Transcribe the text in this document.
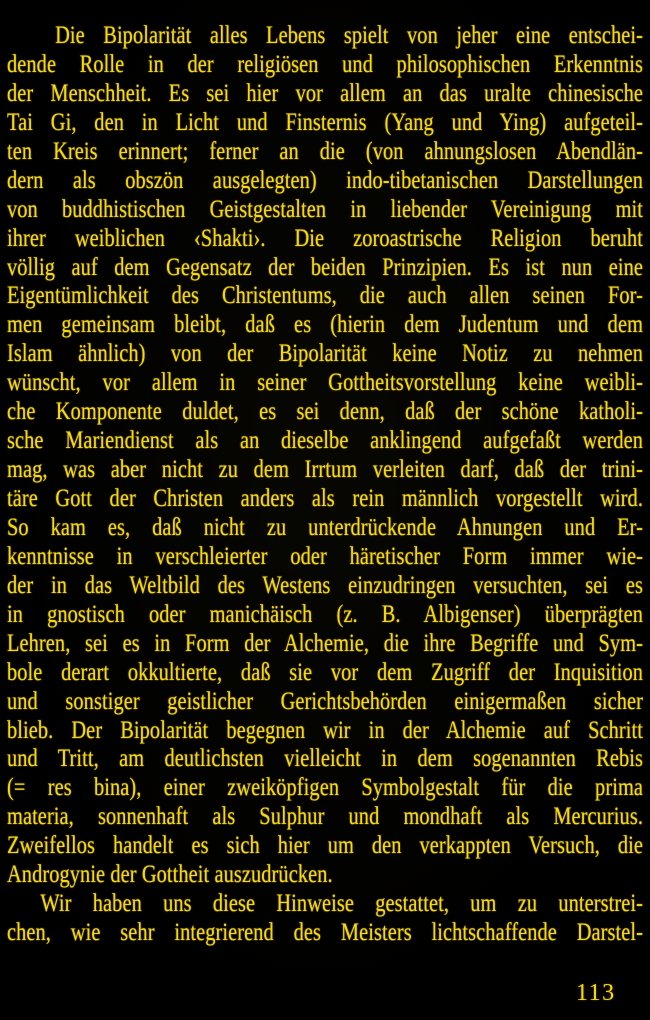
Die Bipolarität alles Lebens spielt von jeher eine entschei-
dende Rolle in der religiösen und philosophischen Erkenntnis
der Menschheit. Es sei hier vor allem an das uralte chinesische
Tai Gi, den in Licht und Finsternis (Yang und Ying) aufgeteil-
ten Kreis erinnert; ferner an die (von ahnungslosen Abendlän-
dern als obszön ausgelegten) indo-tibetanischen Darstellungen
von buddhistischen Geistgestalten in liebender Vereinigung mit
ihrer weiblichen ‹Shakti›. Die zoroastrische Religion beruht
völlig auf dem Gegensatz der beiden Prinzipien. Es ist nun eine
Eigentümlichkeit des Christentums, die auch allen seinen For-
men gemeinsam bleibt, daß es (hierin dem Judentum und dem
Islam ähnlich) von der Bipolarität keine Notiz zu nehmen
wünscht, vor allem in seiner Gottheitsvorstellung keine weibli-
che Komponente duldet, es sei denn, daß der schöne katholi-
sche Mariendienst als an dieselbe anklingend aufgefaßt werden
mag, was aber nicht zu dem Irrtum verleiten darf, daß der trini-
täre Gott der Christen anders als rein männlich vorgestellt wird.
So kam es, daß nicht zu unterdrückende Ahnungen und Er-
kenntnisse in verschleierter oder häretischer Form immer wie-
der in das Weltbild des Westens einzudringen versuchten, sei es
in gnostisch oder manichäisch (z. B. Albigenser) überprägten
Lehren, sei es in Form der Alchemie, die ihre Begriffe und Sym-
bole derart okkultierte, daß sie vor dem Zugriff der Inquisition
und sonstiger geistlicher Gerichtsbehörden einigermaßen sicher
blieb. Der Bipolarität begegnen wir in der Alchemie auf Schritt
und Tritt, am deutlichsten vielleicht in dem sogenannten Rebis
(= res bina), einer zweiköpfigen Symbolgestalt für die prima
materia, sonnenhaft als Sulphur und mondhaft als Mercurius.
Zweifellos handelt es sich hier um den verkappten Versuch, die
Androgynie der Gottheit auszudrücken.
Wir haben uns diese Hinweise gestattet, um zu unterstrei-
chen, wie sehr integrierend des Meisters lichtschaffende Darstel-
113
